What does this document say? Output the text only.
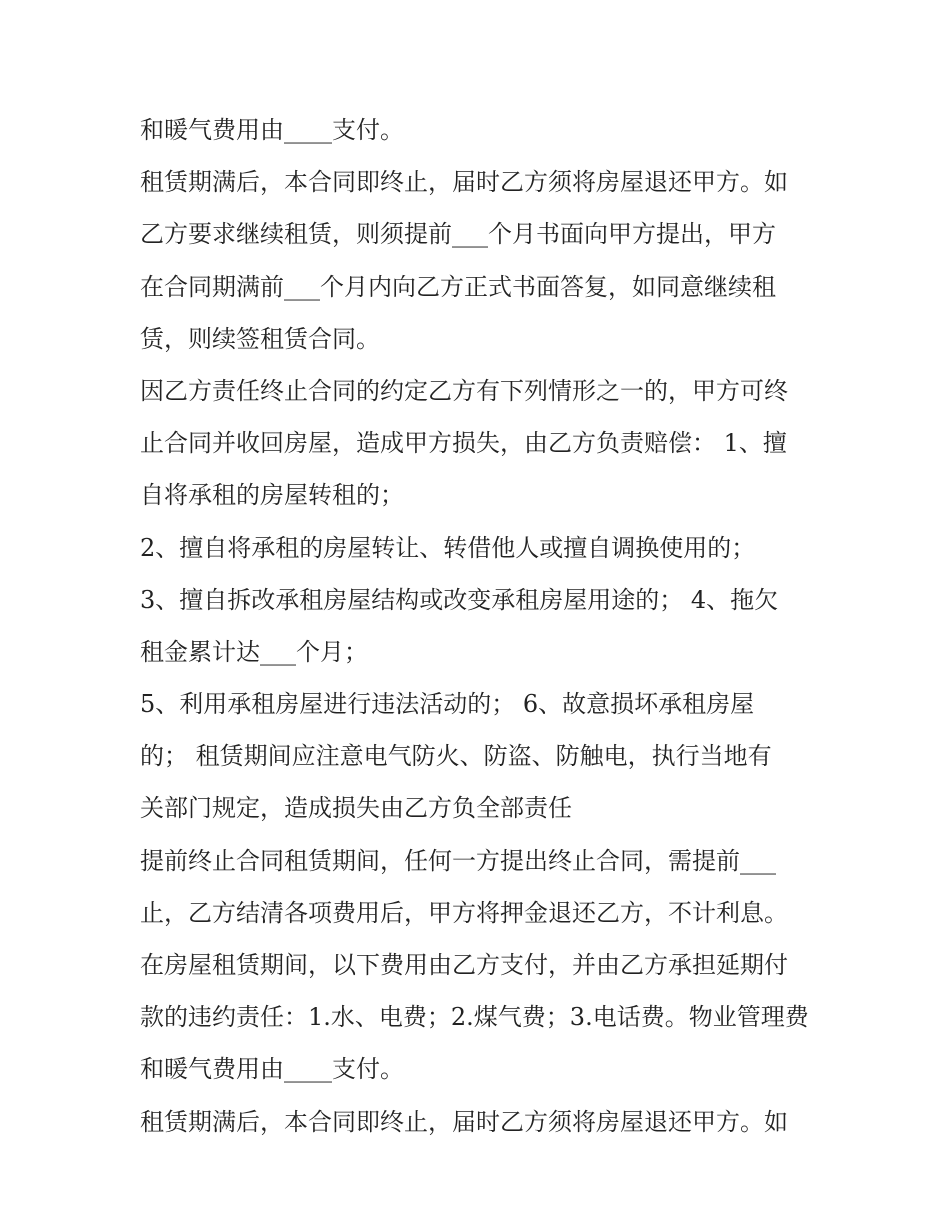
和暖气费用由____支付。
租赁期满后，本合同即终止，届时乙方须将房屋退还甲方。如
乙方要求继续租赁，则须提前___个月书面向甲方提出，甲方
在合同期满前___个月内向乙方正式书面答复，如同意继续租
赁，则续签租赁合同。
因乙方责任终止合同的约定乙方有下列情形之一的，甲方可终
止合同并收回房屋，造成甲方损失，由乙方负责赔偿： 1、擅
自将承租的房屋转租的；
2、擅自将承租的房屋转让、转借他人或擅自调换使用的；
3、擅自拆改承租房屋结构或改变承租房屋用途的； 4、拖欠
租金累计达___个月；
5、利用承租房屋进行违法活动的； 6、故意损坏承租房屋
的； 租赁期间应注意电气防火、防盗、防触电，执行当地有
关部门规定，造成损失由乙方负全部责任
提前终止合同租赁期间，任何一方提出终止合同，需提前___
止，乙方结清各项费用后，甲方将押金退还乙方，不计利息。
在房屋租赁期间，以下费用由乙方支付，并由乙方承担延期付
款的违约责任：1.水、电费；2.煤气费；3.电话费。物业管理费
和暖气费用由____支付。
租赁期满后，本合同即终止，届时乙方须将房屋退还甲方。如
